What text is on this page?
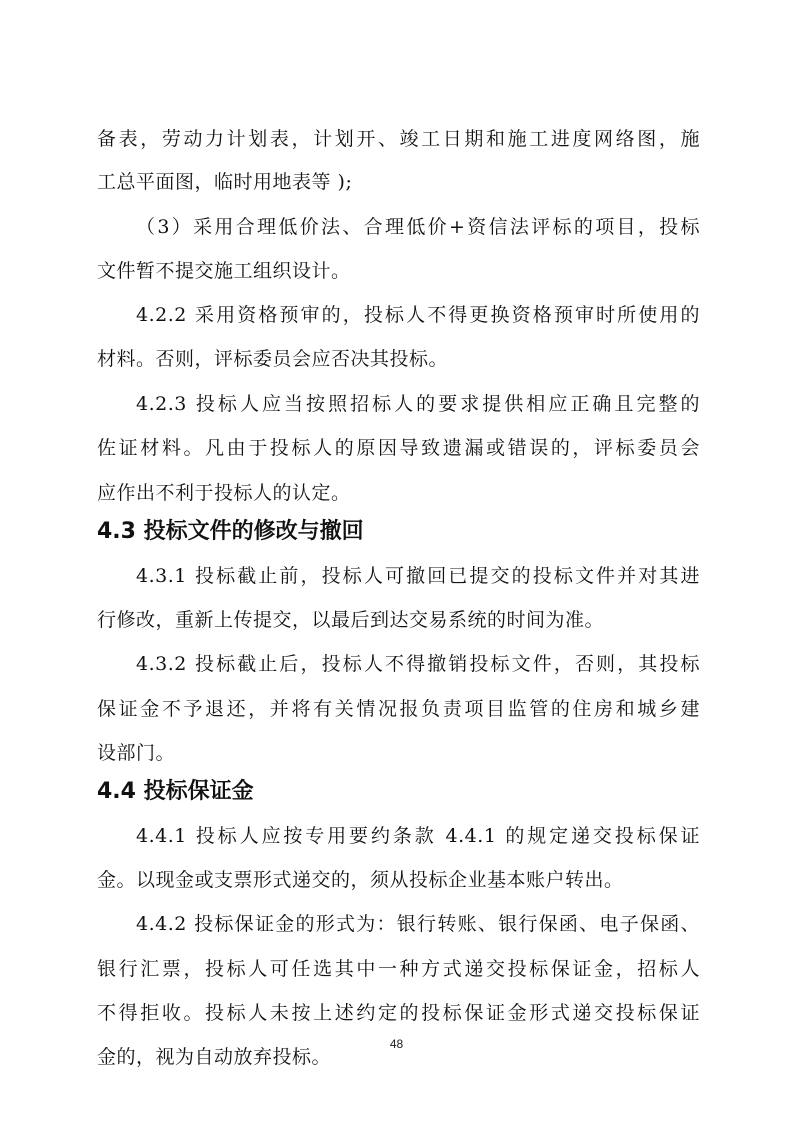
备表，劳动力计划表，计划开、竣工日期和施工进度网络图，施
工总平面图，临时用地表等 );
（3）采用合理低价法、合理低价+资信法评标的项目，投标
文件暂不提交施工组织设计。
4.2.2 采用资格预审的，投标人不得更换资格预审时所使用的
材料。否则，评标委员会应否决其投标。
4.2.3 投标人应当按照招标人的要求提供相应正确且完整的
佐证材料。凡由于投标人的原因导致遗漏或错误的，评标委员会
应作出不利于投标人的认定。
4.3 投标文件的修改与撤回
4.3.1 投标截止前，投标人可撤回已提交的投标文件并对其进
行修改，重新上传提交，以最后到达交易系统的时间为准。
4.3.2 投标截止后，投标人不得撤销投标文件，否则，其投标
保证金不予退还，并将有关情况报负责项目监管的住房和城乡建
设部门。
4.4 投标保证金
4.4.1 投标人应按专用要约条款 4.4.1 的规定递交投标保证
金。以现金或支票形式递交的，须从投标企业基本账户转出。
4.4.2 投标保证金的形式为：银行转账、银行保函、电子保函、
银行汇票，投标人可任选其中一种方式递交投标保证金，招标人
不得拒收。投标人未按上述约定的投标保证金形式递交投标保证
金的，视为自动放弃投标。
48
